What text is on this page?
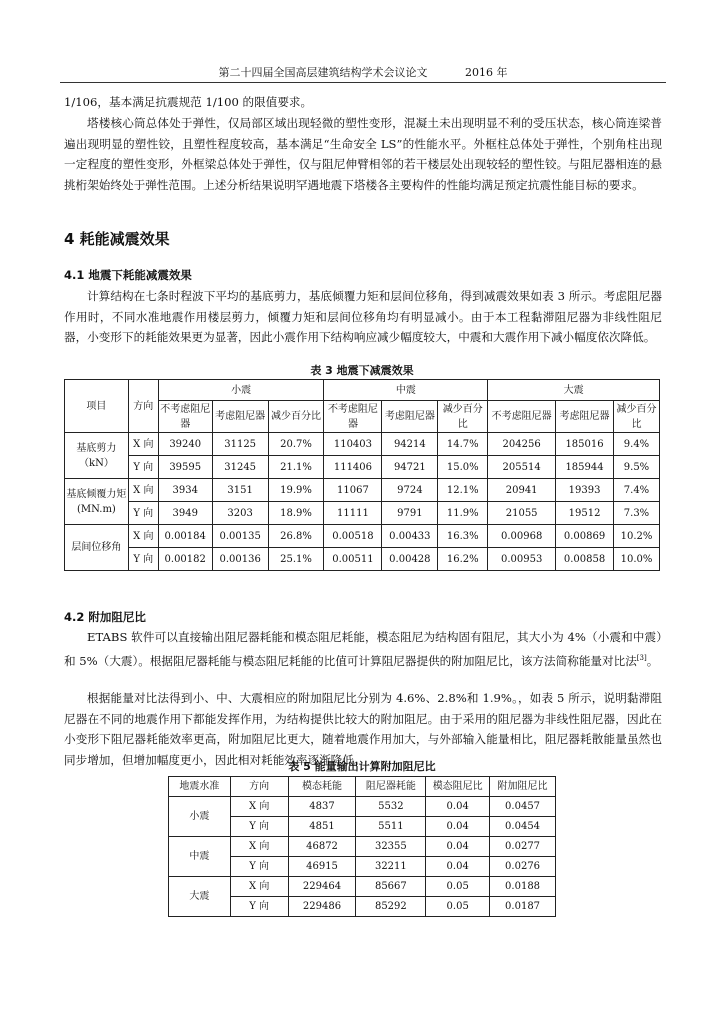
第二十四届全国高层建筑结构学术会议论文	2016 年

1/106，基本满足抗震规范 1/100 的限值要求。

塔楼核心筒总体处于弹性，仅局部区域出现轻微的塑性变形，混凝土未出现明显不利的受压状态，核心筒连梁普遍出现明显的塑性铰，且塑性程度较高，基本满足“生命安全 LS”的性能水平。外框柱总体处于弹性，个别角柱出现一定程度的塑性变形，外框梁总体处于弹性，仅与阻尼伸臂相邻的若干楼层处出现较轻的塑性铰。与阻尼器相连的悬挑桁架始终处于弹性范围。上述分析结果说明罕遇地震下塔楼各主要构件的性能均满足预定抗震性能目标的要求。

4 耗能减震效果
4.1 地震下耗能减震效果

计算结构在七条时程波下平均的基底剪力，基底倾覆力矩和层间位移角，得到减震效果如表 3 所示。考虑阻尼器作用时，不同水准地震作用楼层剪力，倾覆力矩和层间位移角均有明显减小。由于本工程黏滞阻尼器为非线性阻尼器，小变形下的耗能效果更为显著，因此小震作用下结构响应减少幅度较大，中震和大震作用下减小幅度依次降低。

表 3 地震下减震效果

项目	方向	小震			中震			大震		
		不考虑阻尼器	考虑阻尼器	减少百分比	不考虑阻尼器	考虑阻尼器	减少百分比	不考虑阻尼器	考虑阻尼器	减少百分比
基底剪力（kN）	X 向	39240	31125	20.7%	110403	94214	14.7%	204256	185016	9.4%
	Y 向	39595	31245	21.1%	111406	94721	15.0%	205514	185944	9.5%
基底倾覆力矩 (MN.m)	X 向	3934	3151	19.9%	11067	9724	12.1%	20941	19393	7.4%
	Y 向	3949	3203	18.9%	11111	9791	11.9%	21055	19512	7.3%
层间位移角	X 向	0.00184	0.00135	26.8%	0.00518	0.00433	16.3%	0.00968	0.00869	10.2%
	Y 向	0.00182	0.00136	25.1%	0.00511	0.00428	16.2%	0.00953	0.00858	10.0%
4.2 附加阻尼比

ETABS 软件可以直接输出阻尼器耗能和模态阻尼耗能，模态阻尼为结构固有阻尼，其大小为 4%（小震和中震）和 5%（大震）。根据阻尼器耗能与模态阻尼耗能的比值可计算阻尼器提供的附加阻尼比，该方法简称能量对比法[3]。

根据能量对比法得到小、中、大震相应的附加阻尼比分别为 4.6%、2.8%和 1.9%。，如表 5 所示，说明黏滞阻尼器在不同的地震作用下都能发挥作用，为结构提供比较大的附加阻尼。由于采用的阻尼器为非线性阻尼器，因此在小变形下阻尼器耗能效率更高，附加阻尼比更大，随着地震作用加大，与外部输入能量相比，阻尼器耗散能量虽然也同步增加，但增加幅度更小，因此相对耗能效率逐渐降低。

表 5 能量输出计算附加阻尼比

地震水准	方向	模态耗能	阻尼器耗能	模态阻尼比	附加阻尼比
小震	X 向	4837	5532	0.04	0.0457
	Y 向	4851	5511	0.04	0.0454
中震	X 向	46872	32355	0.04	0.0277
	Y 向	46915	32211	0.04	0.0276
大震	X 向	229464	85667	0.05	0.0188
	Y 向	229486	85292	0.05	0.0187
